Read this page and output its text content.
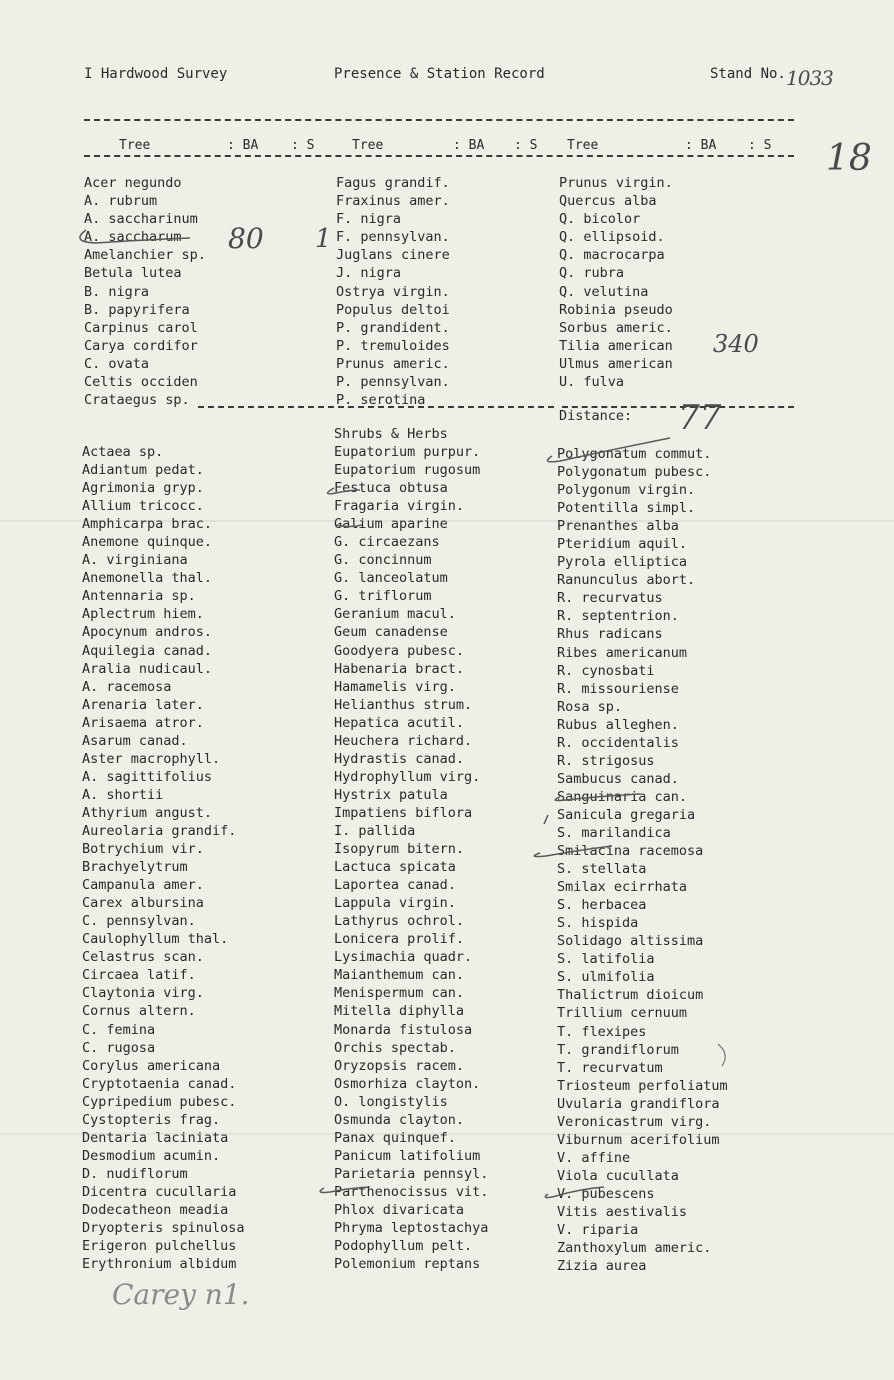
I Hardwood Survey	Presence & Station Record	Stand No. 1033
18
Tree	: BA	: S	Tree	: BA : S Tree	: BA : S
Acer negundo
A. rubrum
A. saccharinum
A. saccharum
Amelanchier sp.
Betula lutea
B. nigra
B. papyrifera
Carpinus carol
Carya cordifor
C. ovata
Celtis occiden
Crataegus sp.
Fagus grandif.
Fraxinus amer.
F. nigra
F. pennsylvan.
Juglans cinere
J. nigra
Ostrya virgin.
Populus deltoi
P. grandident.
P. tremuloides
Prunus americ.
P. pennsylvan.
P. serotina
Prunus virgin.
Quercus alba
Q. bicolor
Q. ellipsoid.
Q. macrocarpa
Q. rubra
Q. velutina
Robinia pseudo
Sorbus americ.
Tilia american
Ulmus american
U. fulva
80 1
340
Distance: 77
Shrubs & Herbs
Actaea sp.
Adiantum pedat.
Agrimonia gryp.
Allium tricocc.
Amphicarpa brac.
Anemone quinque.
A. virginiana
Anemonella thal.
Antennaria sp.
Aplectrum hiem.
Apocynum andros.
Aquilegia canad.
Aralia nudicaul.
A. racemosa
Arenaria later.
Arisaema atror.
Asarum canad.
Aster macrophyll.
A. sagittifolius
A. shortii
Athyrium angust.
Aureolaria grandif.
Botrychium vir.
Brachyelytrum
Campanula amer.
Carex albursina
C. pennsylvan.
Caulophyllum thal.
Celastrus scan.
Circaea latif.
Claytonia virg.
Cornus altern.
C. femina
C. rugosa
Corylus americana
Cryptotaenia canad.
Cypripedium pubesc.
Cystopteris frag.
Dentaria laciniata
Desmodium acumin.
D. nudiflorum
Dicentra cucullaria
Dodecatheon meadia
Dryopteris spinulosa
Erigeron pulchellus
Erythronium albidum
Eupatorium purpur.
Eupatorium rugosum
Festuca obtusa
Fragaria virgin.
Galium aparine
G. circaezans
G. concinnum
G. lanceolatum
G. triflorum
Geranium macul.
Geum canadense
Goodyera pubesc.
Habenaria bract.
Hamamelis virg.
Helianthus strum.
Hepatica acutil.
Heuchera richard.
Hydrastis canad.
Hydrophyllum virg.
Hystrix patula
Impatiens biflora
I. pallida
Isopyrum bitern.
Lactuca spicata
Laportea canad.
Lappula virgin.
Lathyrus ochrol.
Lonicera prolif.
Lysimachia quadr.
Maianthemum can.
Menispermum can.
Mitella diphylla
Monarda fistulosa
Orchis spectab.
Oryzopsis racem.
Osmorhiza clayton.
O. longistylis
Osmunda clayton.
Panax quinquef.
Panicum latifolium
Parietaria pennsyl.
Parthenocissus vit.
Phlox divaricata
Phryma leptostachya
Podophyllum pelt.
Polemonium reptans
Polygonatum commut.
Polygonatum pubesc.
Polygonum virgin.
Potentilla simpl.
Prenanthes alba
Pteridium aquil.
Pyrola elliptica
Ranunculus abort.
R. recurvatus
R. septentrion.
Rhus radicans
Ribes americanum
R. cynosbati
R. missouriense
Rosa sp.
Rubus alleghen.
R. occidentalis
R. strigosus
Sambucus canad.
Sanguinaria can.
Sanicula gregaria
S. marilandica
Smilacina racemosa
S. stellata
Smilax ecirrhata
S. herbacea
S. hispida
Solidago altissima
S. latifolia
S. ulmifolia
Thalictrum dioicum
Trillium cernuum
T. flexipes
T. grandiflorum
T. recurvatum
Triosteum perfoliatum
Uvularia grandiflora
Veronicastrum virg.
Viburnum acerifolium
V. affine
Viola cucullata
V. pubescens
Vitis aestivalis
V. riparia
Zanthoxylum americ.
Zizia aurea
Carey n1.
